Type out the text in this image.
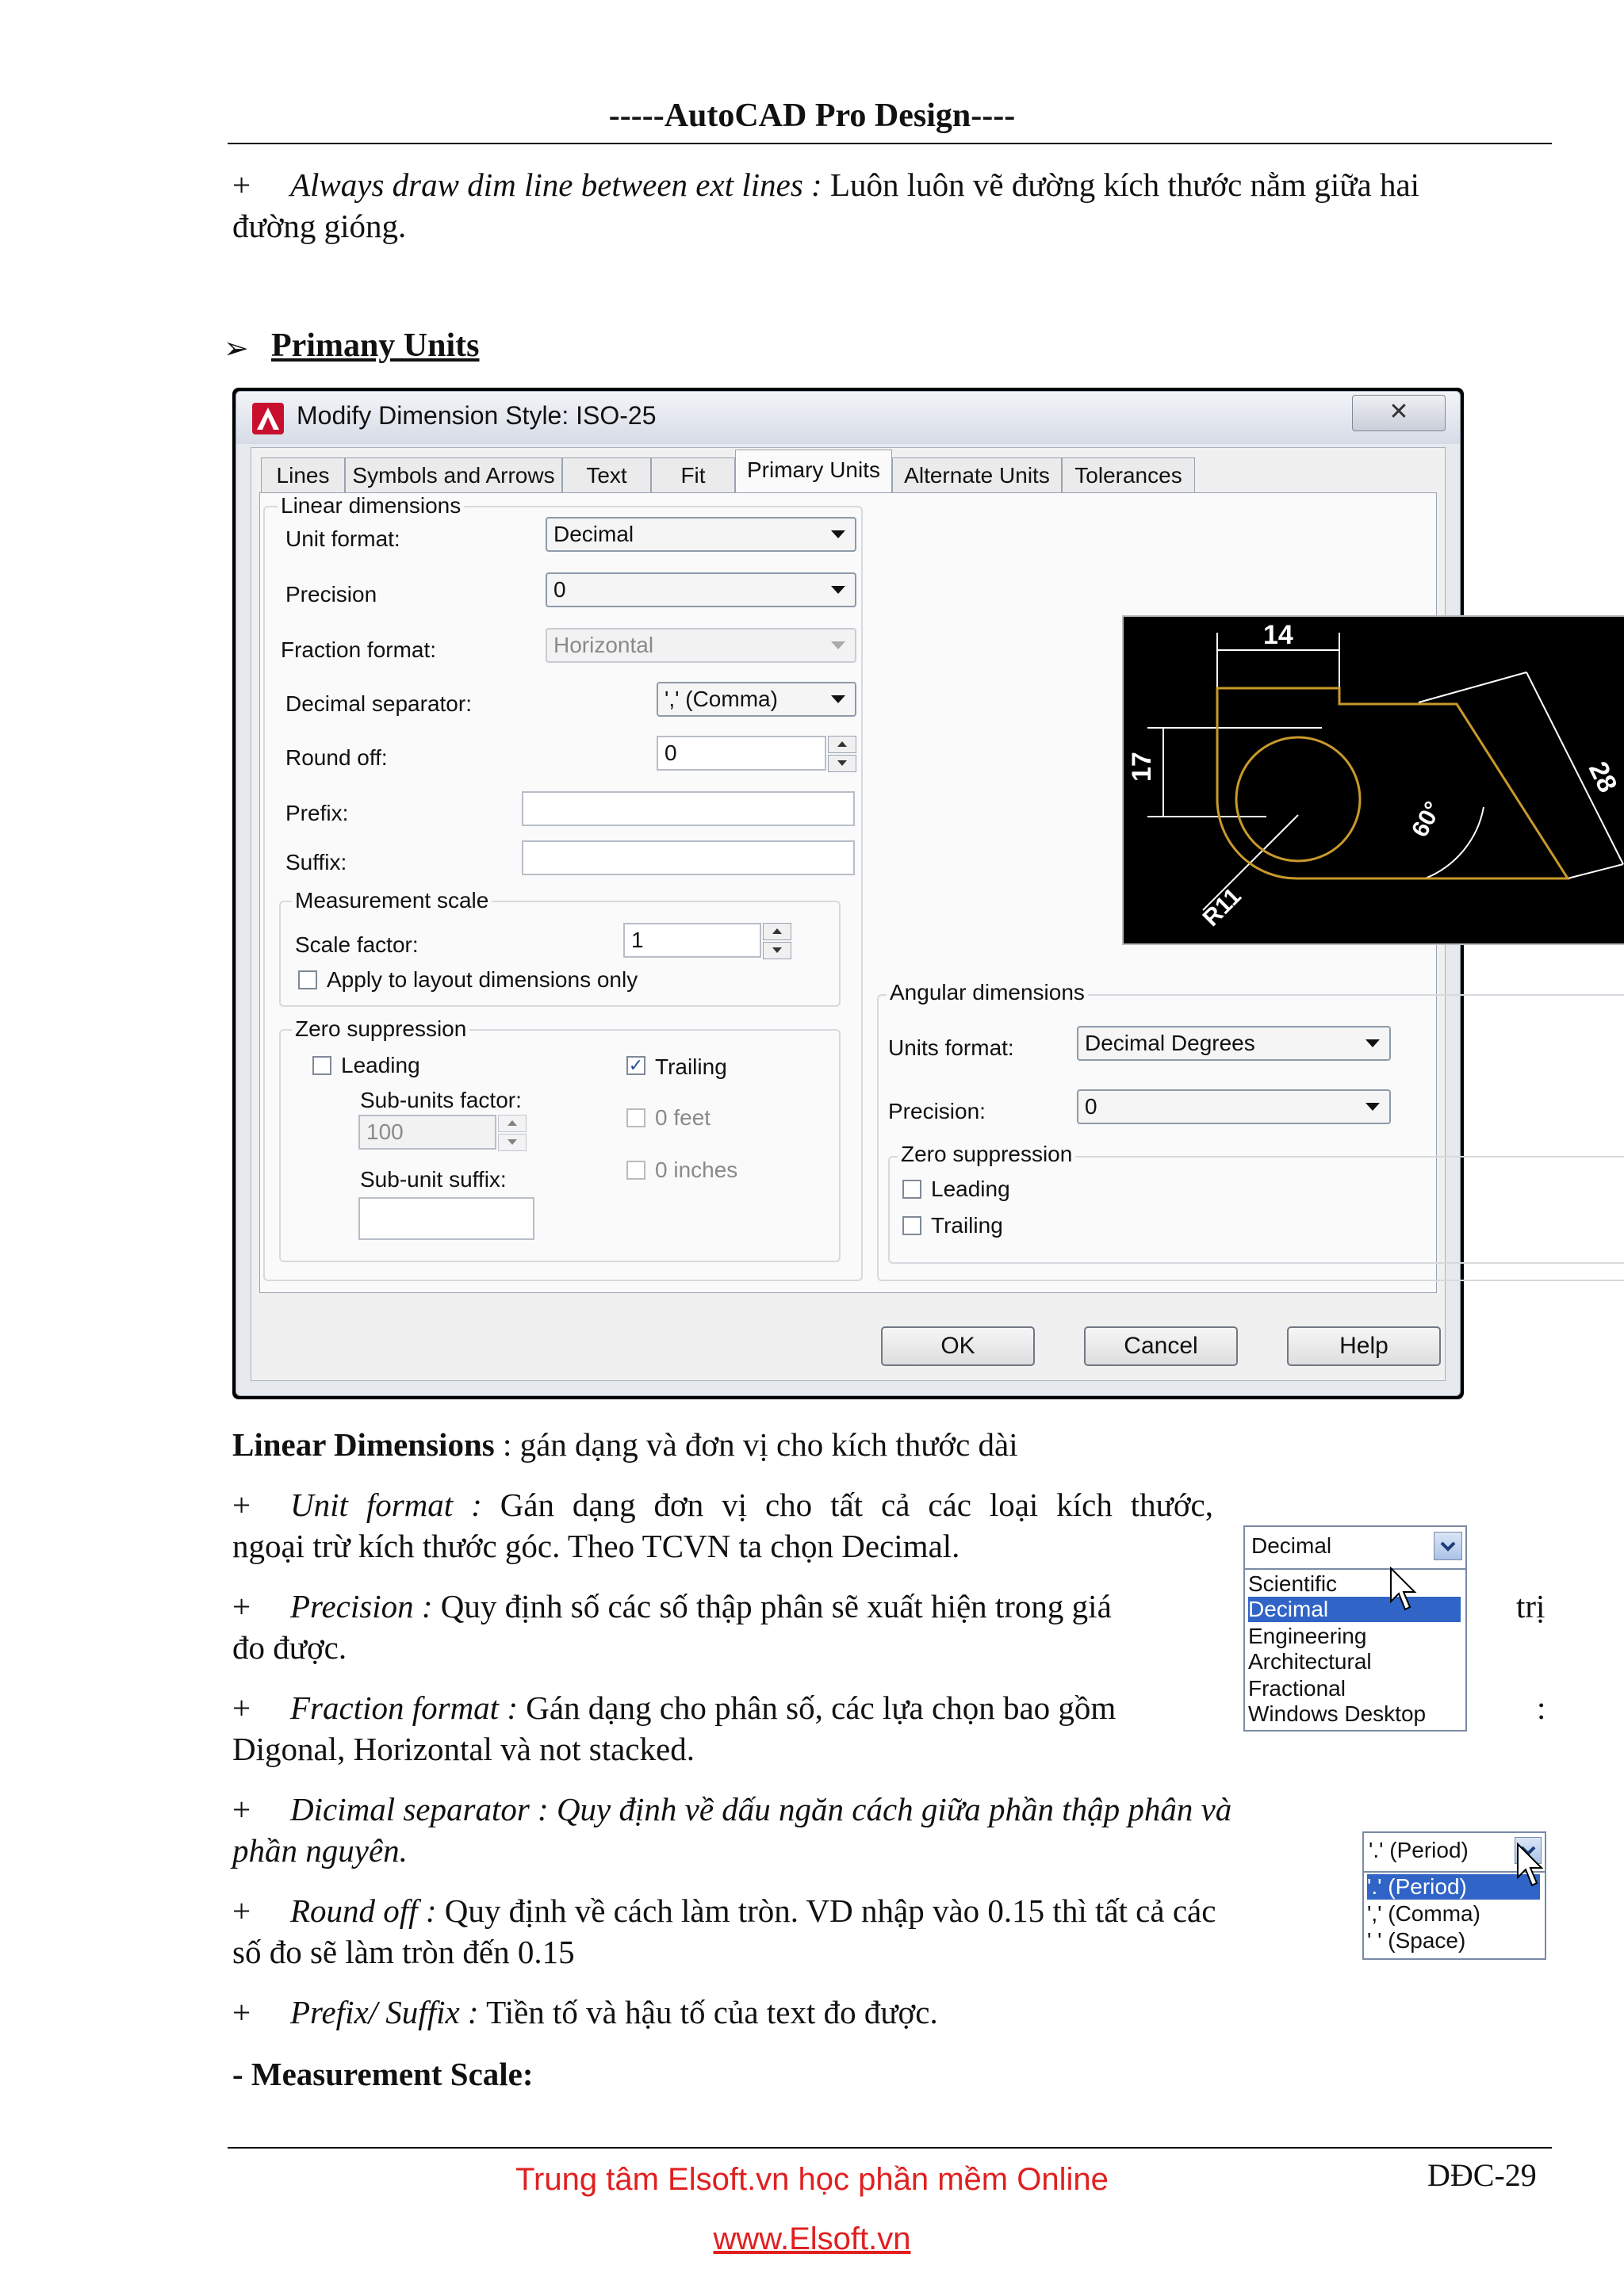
-----AutoCAD Pro Design----
+ Always draw dim line between ext lines : Luôn luôn vẽ đường kích thước nằm giữa hai
đường gióng.
➢ Primany Units
Modify Dimension Style: ISO-25	✕
Lines	Symbols and Arrows	Text	Fit	Primary Units	Alternate Units	Tolerances
Linear dimensions
Unit format:	Decimal
Precision	0
Fraction format:	Horizontal
Decimal separator:	',' (Comma)
Round off:	0
Prefix:
Suffix:
Measurement scale
Scale factor:	1
Apply to layout dimensions only
Zero suppression
Leading	✓ Trailing
Sub-units factor:
100
Sub-unit suffix:
0 feet
0 inches
14
17	28
60°
R11
Angular dimensions
Units format:	Decimal Degrees
Precision:	0
Zero suppression
Leading
Trailing
OK	Cancel	Help
Linear Dimensions : gán dạng và đơn vị cho kích thước dài
+ Unit format : Gán dạng đơn vị cho tất cả các loại kích thước,
ngoại trừ kích thước góc. Theo TCVN ta chọn Decimal.
+ Precision : Quy định số các số thập phân sẽ xuất hiện trong giá	trị
đo được.
+ Fraction format : Gán dạng cho phân số, các lựa chọn bao gồm	:
Digonal, Horizontal và not stacked.
+ Dicimal separator : Quy định về dấu ngăn cách giữa phần thập phân và
phần nguyên.
+ Round off : Quy định về cách làm tròn. VD nhập vào 0.15 thì tất cả các
số đo sẽ làm tròn đến 0.15
+ Prefix/ Suffix : Tiền tố và hậu tố của text đo được.
- Measurement Scale:
Decimal
Scientific
Decimal
Engineering
Architectural
Fractional
Windows Desktop
'.' (Period)
'.' (Period)
',' (Comma)
' ' (Space)
Trung tâm Elsoft.vn học phần mềm Online
www.Elsoft.vn
DĐC-29
